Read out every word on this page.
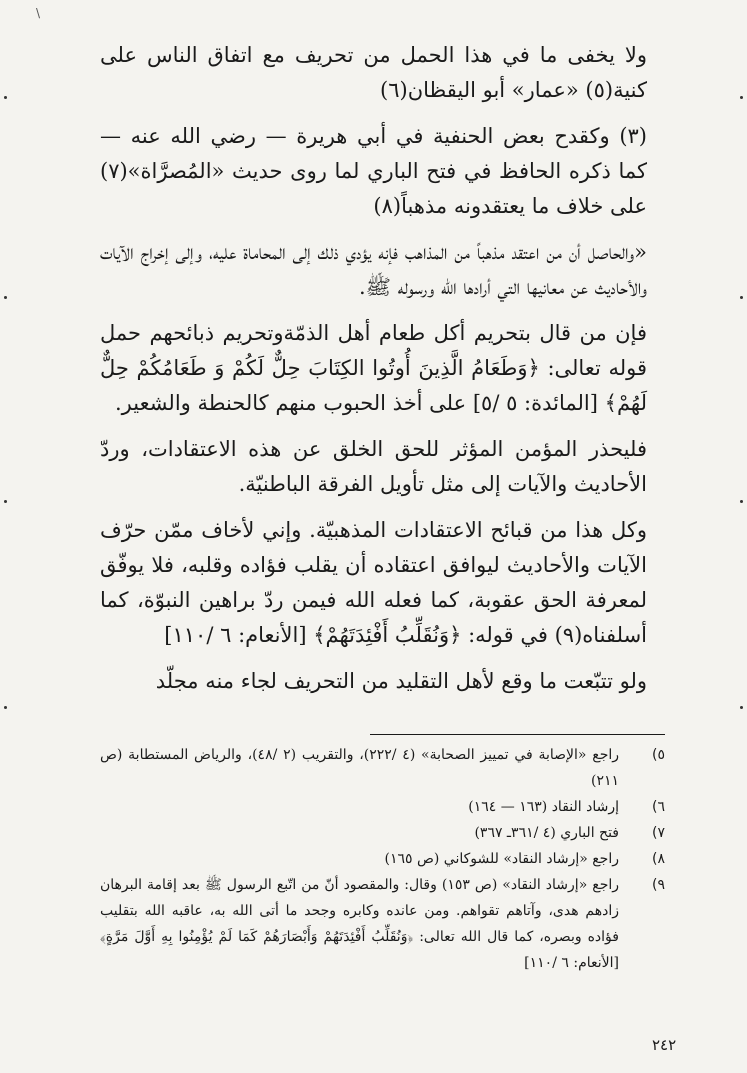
\

ولا يخفى ما في هذا الحمل من تحريف مع اتفاق الناس على كنية(٥) «عمار» أبو اليقظان(٦)

(٣) وكقدح بعض الحنفية في أبي هريرة — رضي الله عنه — كما ذكره الحافظ في فتح الباري لما روى حديث «المُصرَّاة»(٧) على خلاف ما يعتقدونه مذهباً(٨)

«والحاصل أن من اعتقد مذهباً من المذاهب فإنه يؤدي ذلك إلى المحاماة عليه، وإلى إخراج الآيات والأحاديث عن معانيها التي أرادها الله ورسوله ﷺ.

فإن من قال بتحريم أكل طعام أهل الذمّةوتحريم ذبائحهم حمل قوله تعالى: ﴿وَطَعَامُ الَّذِينَ أُوتُوا الكِتَابَ حِلٌّ لَكُمْ وَ طَعَامُكُمْ حِلٌّ لَهُمْ﴾ [المائدة: ٥ /٥] على أخذ الحبوب منهم كالحنطة والشعير.

فليحذر المؤمن المؤثر للحق الخلق عن هذه الاعتقادات، وردّ الأحاديث والآيات إلى مثل تأويل الفرقة الباطنيّة.

وكل هذا من قبائح الاعتقادات المذهبيّة. وإني لأخاف ممّن حرّف الآيات والأحاديث ليوافق اعتقاده أن يقلب فؤاده وقلبه، فلا يوفّق لمعرفة الحق عقوبة، كما فعله الله فيمن ردّ براهين النبوّة، كما أسلفناه(٩) في قوله: ﴿وَنُقَلِّبُ أَفْئِدَتَهُمْ﴾ [الأنعام: ٦ /١١٠]

ولو تتبّعت ما وقع لأهل التقليد من التحريف لجاء منه مجلّد

٥)
راجع «الإصابة في تمييز الصحابة» (٤ /٢٢٢)، والتقريب (٢ /٤٨)، والرياض المستطابة (ص ٢١١)
٦)
إرشاد النقاد (١٦٣ — ١٦٤)
٧)
فتح الباري (٤ /٣٦١ـ ٣٦٧)
٨)
راجع «إرشاد النقاد» للشوكاني (ص ١٦٥)
٩)
راجع «إرشاد النقاد» (ص ١٥٣) وقال: والمقصود أنّ من اتّبع الرسول ﷺ بعد إقامة البرهان زادهم هدى، وآتاهم تقواهم. ومن عانده وكابره وجحد ما أتى الله به، عاقبه الله بتقليب فؤاده وبصره، كما قال الله تعالى: ﴿وَنُقَلِّبُ أَفْئِدَتَهُمْ وَأَبْصَارَهُمْ كَمَا لَمْ يُؤْمِنُوا بِهِ أَوَّلَ مَرَّةٍ﴾ [الأنعام: ٦ /١١٠]
٢٤٢
